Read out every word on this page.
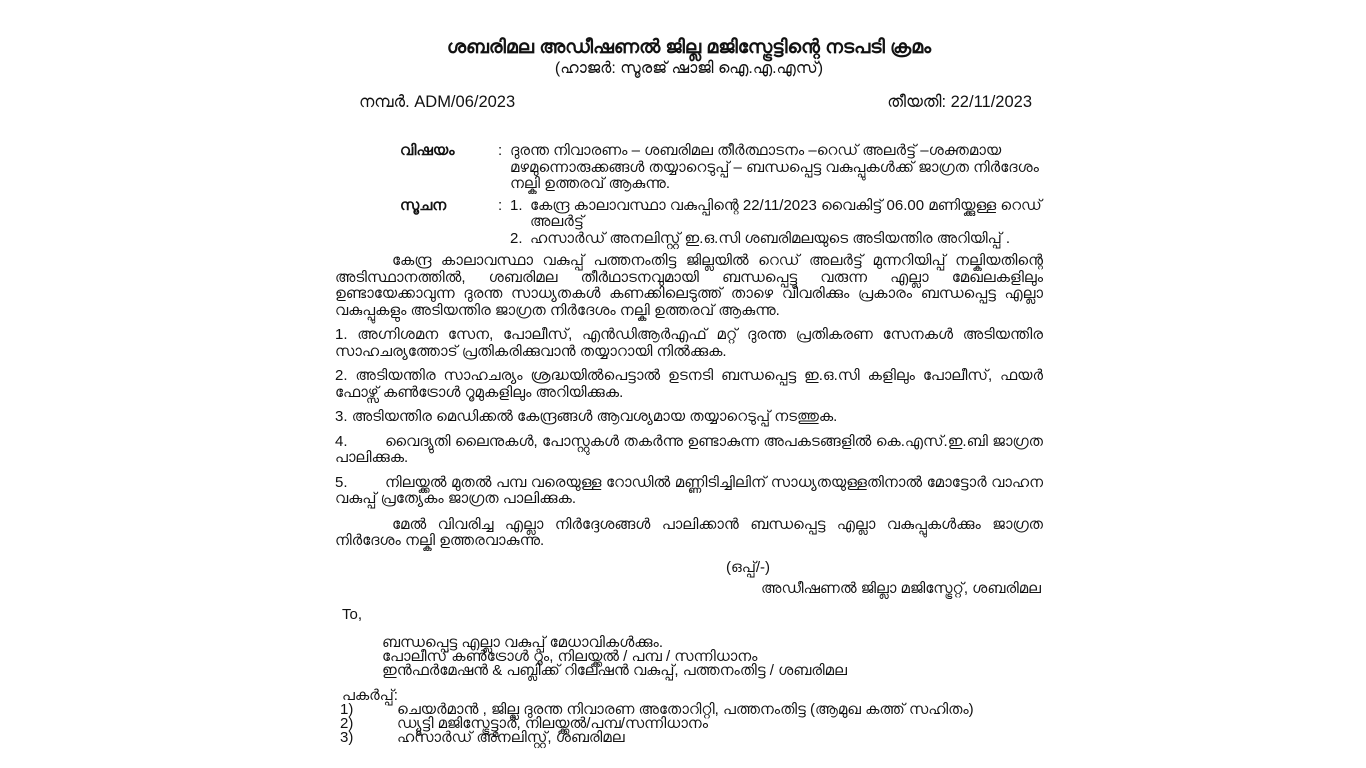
ശബരിമല അഡീഷണൽ ജില്ല മജിസ്ട്രേട്ടിന്റെ നടപടി ക്രമം
(ഹാജർ: സൂരജ് ഷാജി ഐ.എ.എസ്)
നമ്പർ. ADM/06/2023	തീയതി: 22/11/2023
വിഷയം	: ദുരന്ത നിവാരണം – ശബരിമല തീർത്ഥാടനം –റെഡ് അലർട്ട് –ശക്തമായ മഴമുന്നൊരുക്കങ്ങൾ തയ്യാറെടുപ്പ് – ബന്ധപ്പെട്ട വകുപ്പുകൾക്ക് ജാഗ്രത നിർദേശം നല്കി ഉത്തരവ് ആകുന്നു.
സൂചന	: 1. കേന്ദ്ര കാലാവസ്ഥാ വകുപ്പിന്റെ 22/11/2023 വൈകിട്ട് 06.00 മണിയ്ക്കുള്ള റെഡ് അലർട്ട്
2. ഹസാർഡ് അനലിസ്റ്റ് ഇ.ഒ.സി ശബരിമലയുടെ അടിയന്തിര അറിയിപ്പ് .

കേന്ദ്ര കാലാവസ്ഥാ വകുപ്പ് പത്തനംതിട്ട ജില്ലയിൽ റെഡ് അലർട്ട് മുന്നറിയിപ്പ് നല്കിയതിന്റെ അടിസ്ഥാനത്തിൽ, ശബരിമല തീർഥാടനവുമായി ബന്ധപ്പെട്ടു വരുന്ന എല്ലാ മേഖലകളിലും ഉണ്ടായേക്കാവുന്ന ദുരന്ത സാധ്യതകൾ കണക്കിലെടുത്ത് താഴെ വിവരിക്കും പ്രകാരം ബന്ധപ്പെട്ട എല്ലാ വകുപ്പുകളും അടിയന്തിര ജാഗ്രത നിർദേശം നല്കി ഉത്തരവ് ആകുന്നു.

1. അഗ്നിശമന സേന, പോലീസ്, എൻഡിആർഎഫ് മറ്റ് ദുരന്ത പ്രതികരണ സേനകൾ അടിയന്തിര സാഹചര്യത്തോട് പ്രതികരിക്കുവാൻ തയ്യാറായി നിൽക്കുക.

2. അടിയന്തിര സാഹചര്യം ശ്രദ്ധയിൽപെട്ടാൽ ഉടനടി ബന്ധപ്പെട്ട ഇ.ഒ.സി കളിലും പോലീസ്, ഫയർ ഫോഴ്സ് കൺട്രോൾ റൂമുകളിലും അറിയിക്കുക.

3. അടിയന്തിര മെഡിക്കൽ കേന്ദ്രങ്ങൾ ആവശ്യമായ തയ്യാറെടുപ്പ് നടത്തുക.

4. വൈദ്യുതി ലൈനുകൾ, പോസ്റ്റുകൾ തകർന്നു ഉണ്ടാകുന്ന അപകടങ്ങളിൽ കെ.എസ്.ഇ.ബി ജാഗ്രത പാലിക്കുക.

5. നിലയ്ക്കൽ മുതൽ പമ്പ വരെയുള്ള റോഡിൽ മണ്ണിടിച്ചിലിന് സാധ്യതയുള്ളതിനാൽ മോട്ടോർ വാഹന വകുപ്പ് പ്രത്യേകം ജാഗ്രത പാലിക്കുക.

മേൽ വിവരിച്ച എല്ലാ നിർദ്ദേശങ്ങൾ പാലിക്കാൻ ബന്ധപ്പെട്ട എല്ലാ വകുപ്പുകൾക്കും ജാഗ്രത നിർദേശം നല്കി ഉത്തരവാകുന്നു.

(ഒപ്പ്/-)
അഡീഷണൽ ജില്ലാ മജിസ്ട്രേറ്റ്, ശബരിമല
To,
ബന്ധപ്പെട്ട എല്ലാ വകുപ്പ് മേധാവികൾക്കും.
പോലീസ് കൺട്രോൾ റൂം, നിലയ്ക്കൽ / പമ്പ / സന്നിധാനം
ഇൻഫർമേഷൻ & പബ്ലിക്ക് റിലേഷൻ വകുപ്പ്, പത്തനംതിട്ട / ശബരിമല
പകർപ്പ്:
1)	ചെയർമാൻ , ജില്ല ദുരന്ത നിവാരണ അതോറിറ്റി, പത്തനംതിട്ട (ആമുഖ കത്ത് സഹിതം)
2)	ഡ്യൂട്ടി മജിസ്ട്രേട്ട്മാർ, നിലയ്ക്കൽ/പമ്പ/സന്നിധാനം
3)	ഹസാർഡ് അനലിസ്റ്റ്, ശബരിമല
